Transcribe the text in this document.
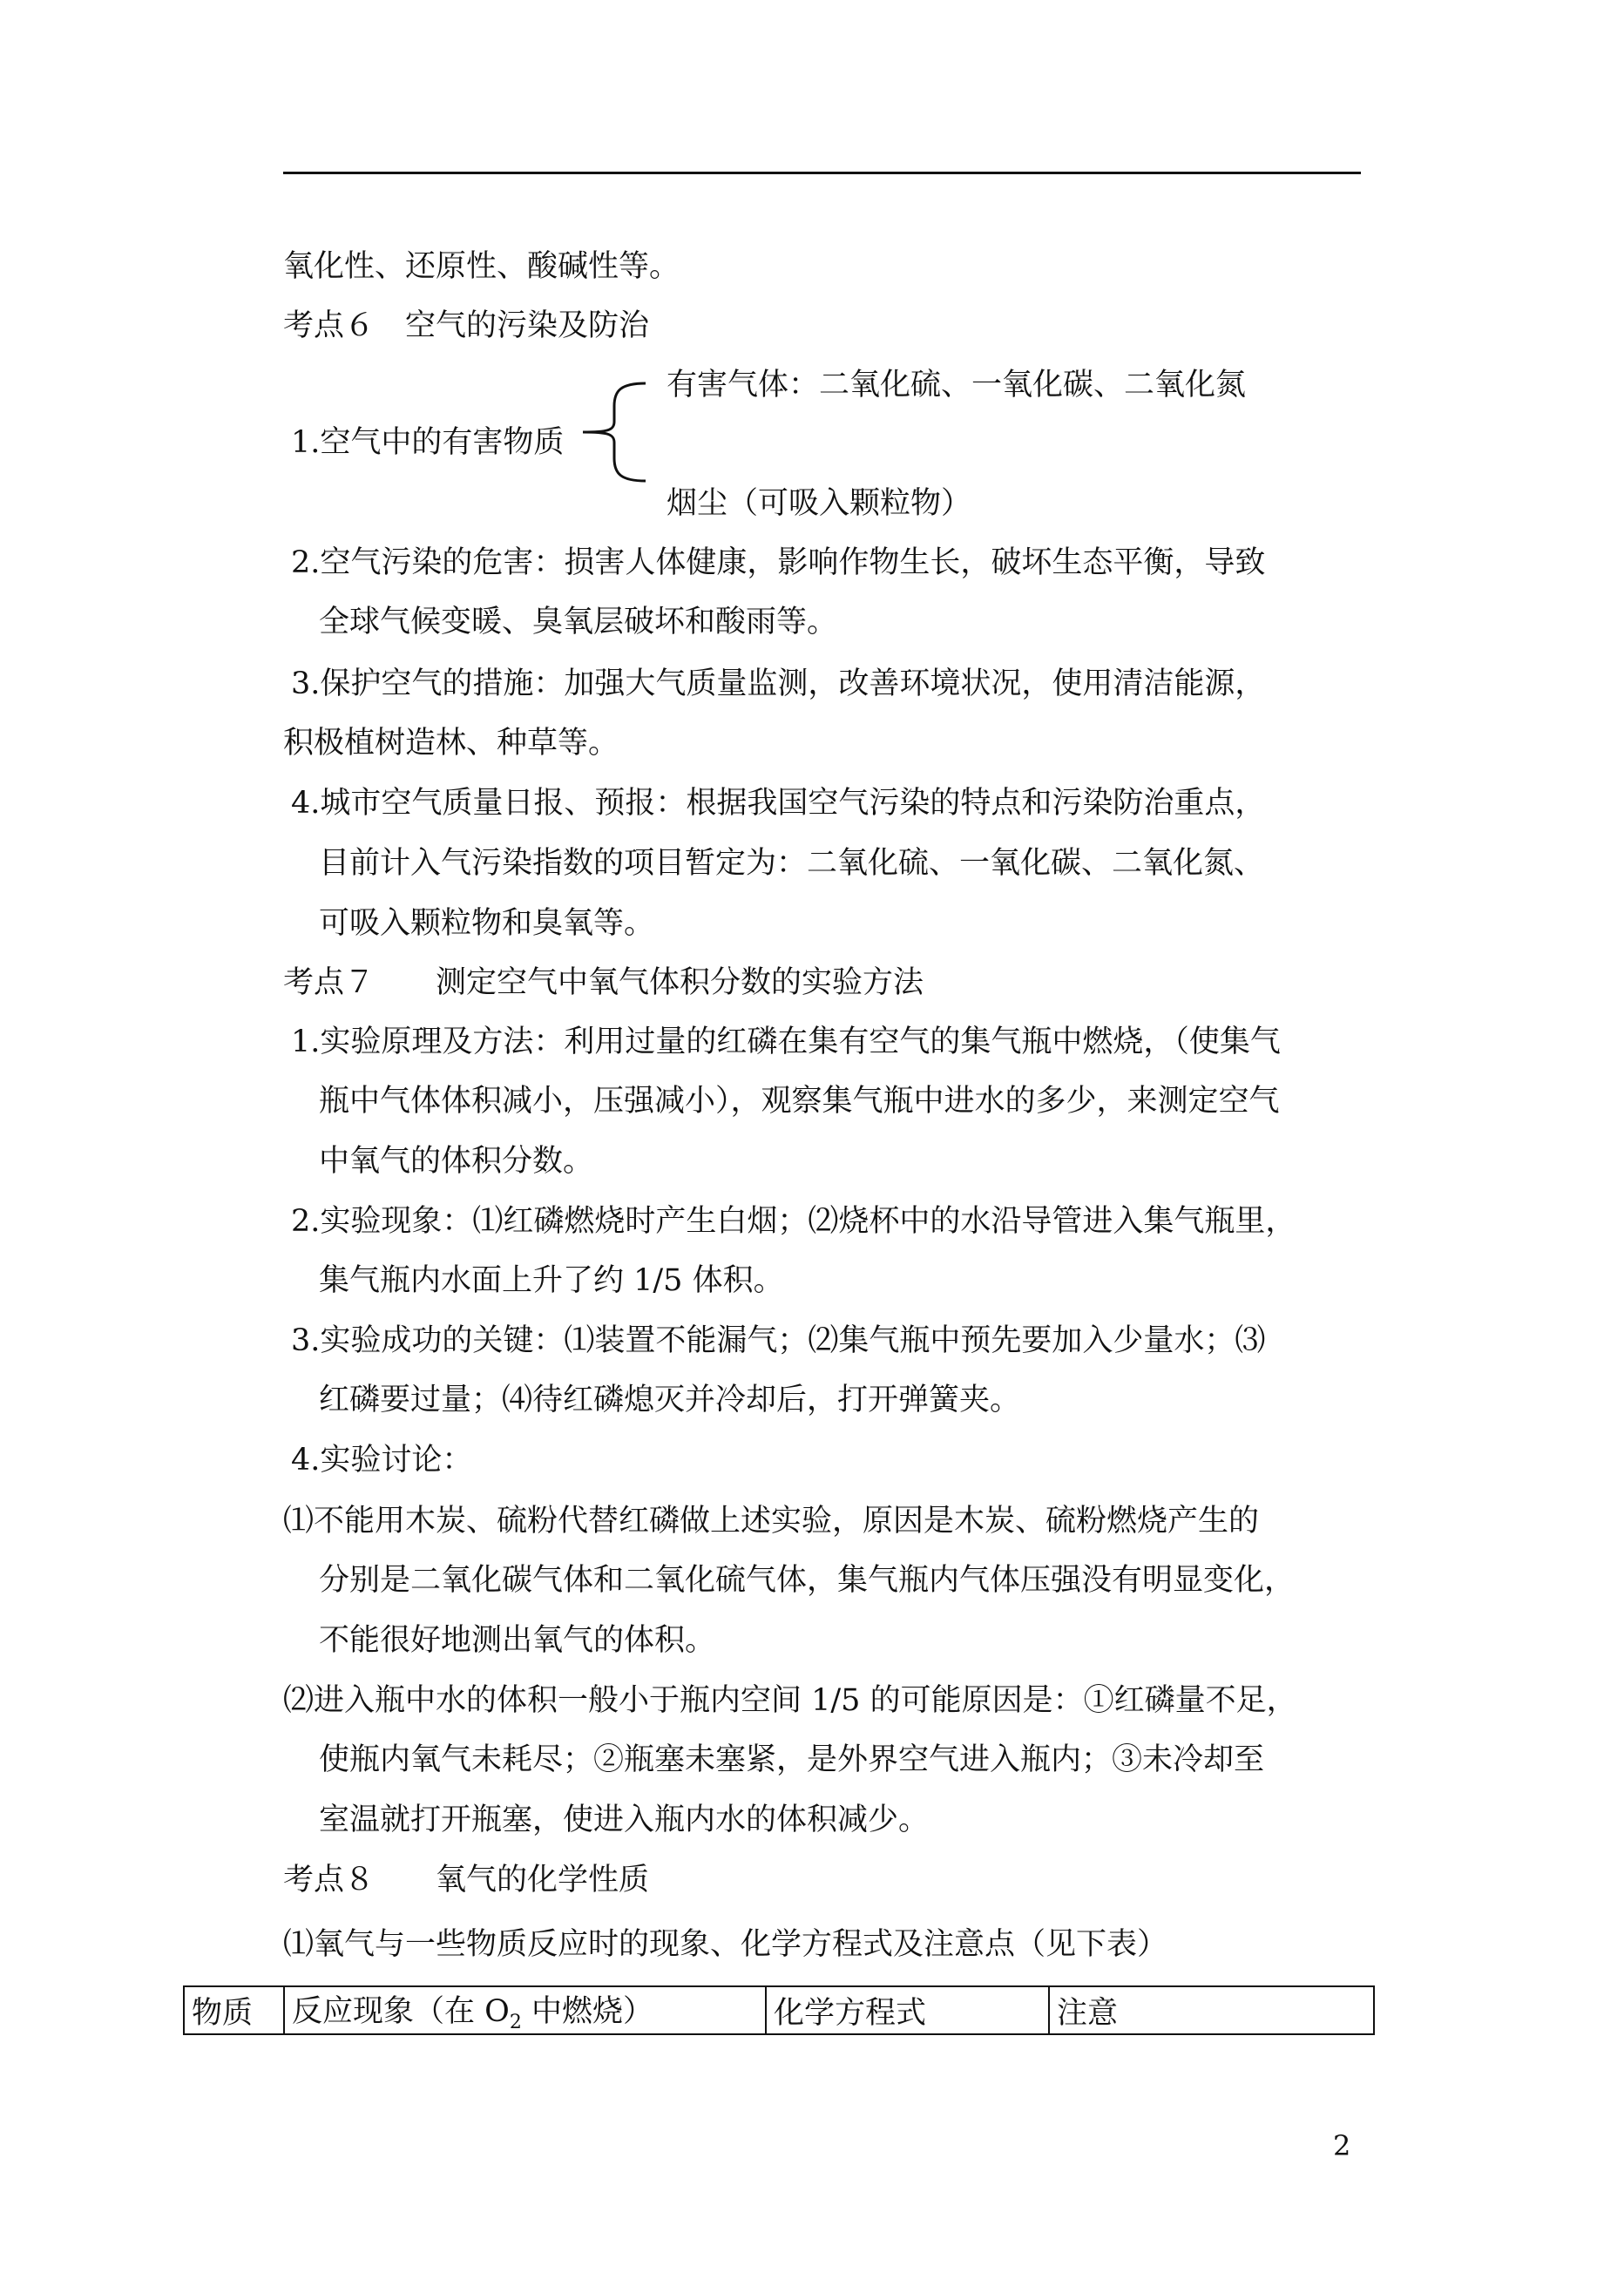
氧化性、还原性、酸碱性等。
考点６　空气的污染及防治
有害气体：二氧化硫、一氧化碳、二氧化氮
1.空气中的有害物质
烟尘（可吸入颗粒物）
2.空气污染的危害：损害人体健康，影响作物生长，破坏生态平衡，导致
全球气候变暖、臭氧层破坏和酸雨等。
3.保护空气的措施：加强大气质量监测，改善环境状况，使用清洁能源，
积极植树造林、种草等。
4.城市空气质量日报、预报：根据我国空气污染的特点和污染防治重点，
目前计入气污染指数的项目暂定为：二氧化硫、一氧化碳、二氧化氮、
可吸入颗粒物和臭氧等。
考点７　　测定空气中氧气体积分数的实验方法
1.实验原理及方法：利用过量的红磷在集有空气的集气瓶中燃烧，（使集气
瓶中气体体积减小，压强减小），观察集气瓶中进水的多少，来测定空气
中氧气的体积分数。
2.实验现象：⑴红磷燃烧时产生白烟；⑵烧杯中的水沿导管进入集气瓶里，
集气瓶内水面上升了约 1/5 体积。
3.实验成功的关键：⑴装置不能漏气；⑵集气瓶中预先要加入少量水；⑶
红磷要过量；⑷待红磷熄灭并冷却后，打开弹簧夹。
4.实验讨论：
⑴不能用木炭、硫粉代替红磷做上述实验，原因是木炭、硫粉燃烧产生的
分别是二氧化碳气体和二氧化硫气体，集气瓶内气体压强没有明显变化，
不能很好地测出氧气的体积。
⑵进入瓶中水的体积一般小于瓶内空间 1/5 的可能原因是：①红磷量不足，
使瓶内氧气未耗尽；②瓶塞未塞紧，是外界空气进入瓶内；③未冷却至
室温就打开瓶塞，使进入瓶内水的体积减少。
考点８　　氧气的化学性质
⑴氧气与一些物质反应时的现象、化学方程式及注意点（见下表）
物质	反应现象（在 $O_2$ 中燃烧）	化学方程式	注意
2
